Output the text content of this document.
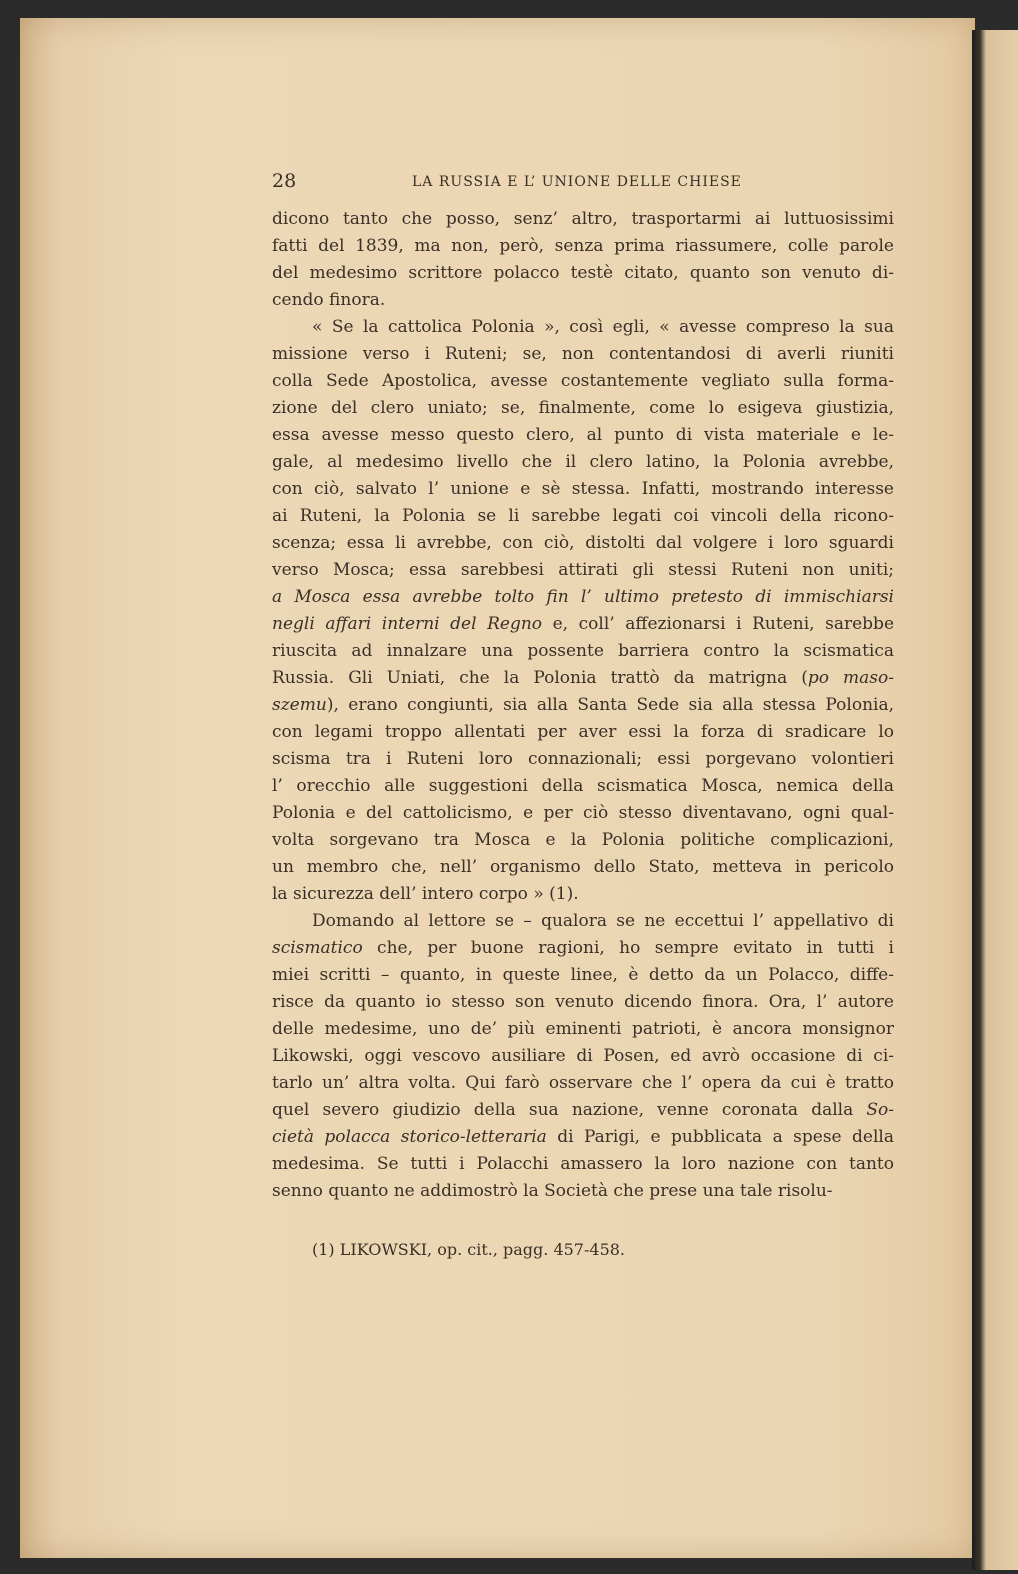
28	LA RUSSIA E L’ UNIONE DELLE CHIESE
dicono tanto che posso, senz’ altro, trasportarmi ai luttuosissimi
fatti del 1839, ma non, però, senza prima riassumere, colle parole
del medesimo scrittore polacco testè citato, quanto son venuto di-
cendo finora.
« Se la cattolica Polonia », così egli, « avesse compreso la sua
missione verso i Ruteni; se, non contentandosi di averli riuniti
colla Sede Apostolica, avesse costantemente vegliato sulla forma-
zione del clero uniato; se, finalmente, come lo esigeva giustizia,
essa avesse messo questo clero, al punto di vista materiale e le-
gale, al medesimo livello che il clero latino, la Polonia avrebbe,
con ciò, salvato l’ unione e sè stessa. Infatti, mostrando interesse
ai Ruteni, la Polonia se li sarebbe legati coi vincoli della ricono-
scenza; essa li avrebbe, con ciò, distolti dal volgere i loro sguardi
verso Mosca; essa sarebbesi attirati gli stessi Ruteni non uniti;
a Mosca essa avrebbe tolto fin l’ ultimo pretesto di immischiarsi
negli affari interni del Regno e, coll’ affezionarsi i Ruteni, sarebbe
riuscita ad innalzare una possente barriera contro la scismatica
Russia. Gli Uniati, che la Polonia trattò da matrigna (po maso-
szemu), erano congiunti, sia alla Santa Sede sia alla stessa Polonia,
con legami troppo allentati per aver essi la forza di sradicare lo
scisma tra i Ruteni loro connazionali; essi porgevano volontieri
l’ orecchio alle suggestioni della scismatica Mosca, nemica della
Polonia e del cattolicismo, e per ciò stesso diventavano, ogni qual-
volta sorgevano tra Mosca e la Polonia politiche complicazioni,
un membro che, nell’ organismo dello Stato, metteva in pericolo
la sicurezza dell’ intero corpo » (1).
Domando al lettore se – qualora se ne eccettui l’ appellativo di
scismatico che, per buone ragioni, ho sempre evitato in tutti i
miei scritti – quanto, in queste linee, è detto da un Polacco, diffe-
risce da quanto io stesso son venuto dicendo finora. Ora, l’ autore
delle medesime, uno de’ più eminenti patrioti, è ancora monsignor
Likowski, oggi vescovo ausiliare di Posen, ed avrò occasione di ci-
tarlo un’ altra volta. Qui farò osservare che l’ opera da cui è tratto
quel severo giudizio della sua nazione, venne coronata dalla So-
cietà polacca storico-letteraria di Parigi, e pubblicata a spese della
medesima. Se tutti i Polacchi amassero la loro nazione con tanto
senno quanto ne addimostrò la Società che prese una tale risolu-
(1) LIKOWSKI, op. cit., pagg. 457-458.
